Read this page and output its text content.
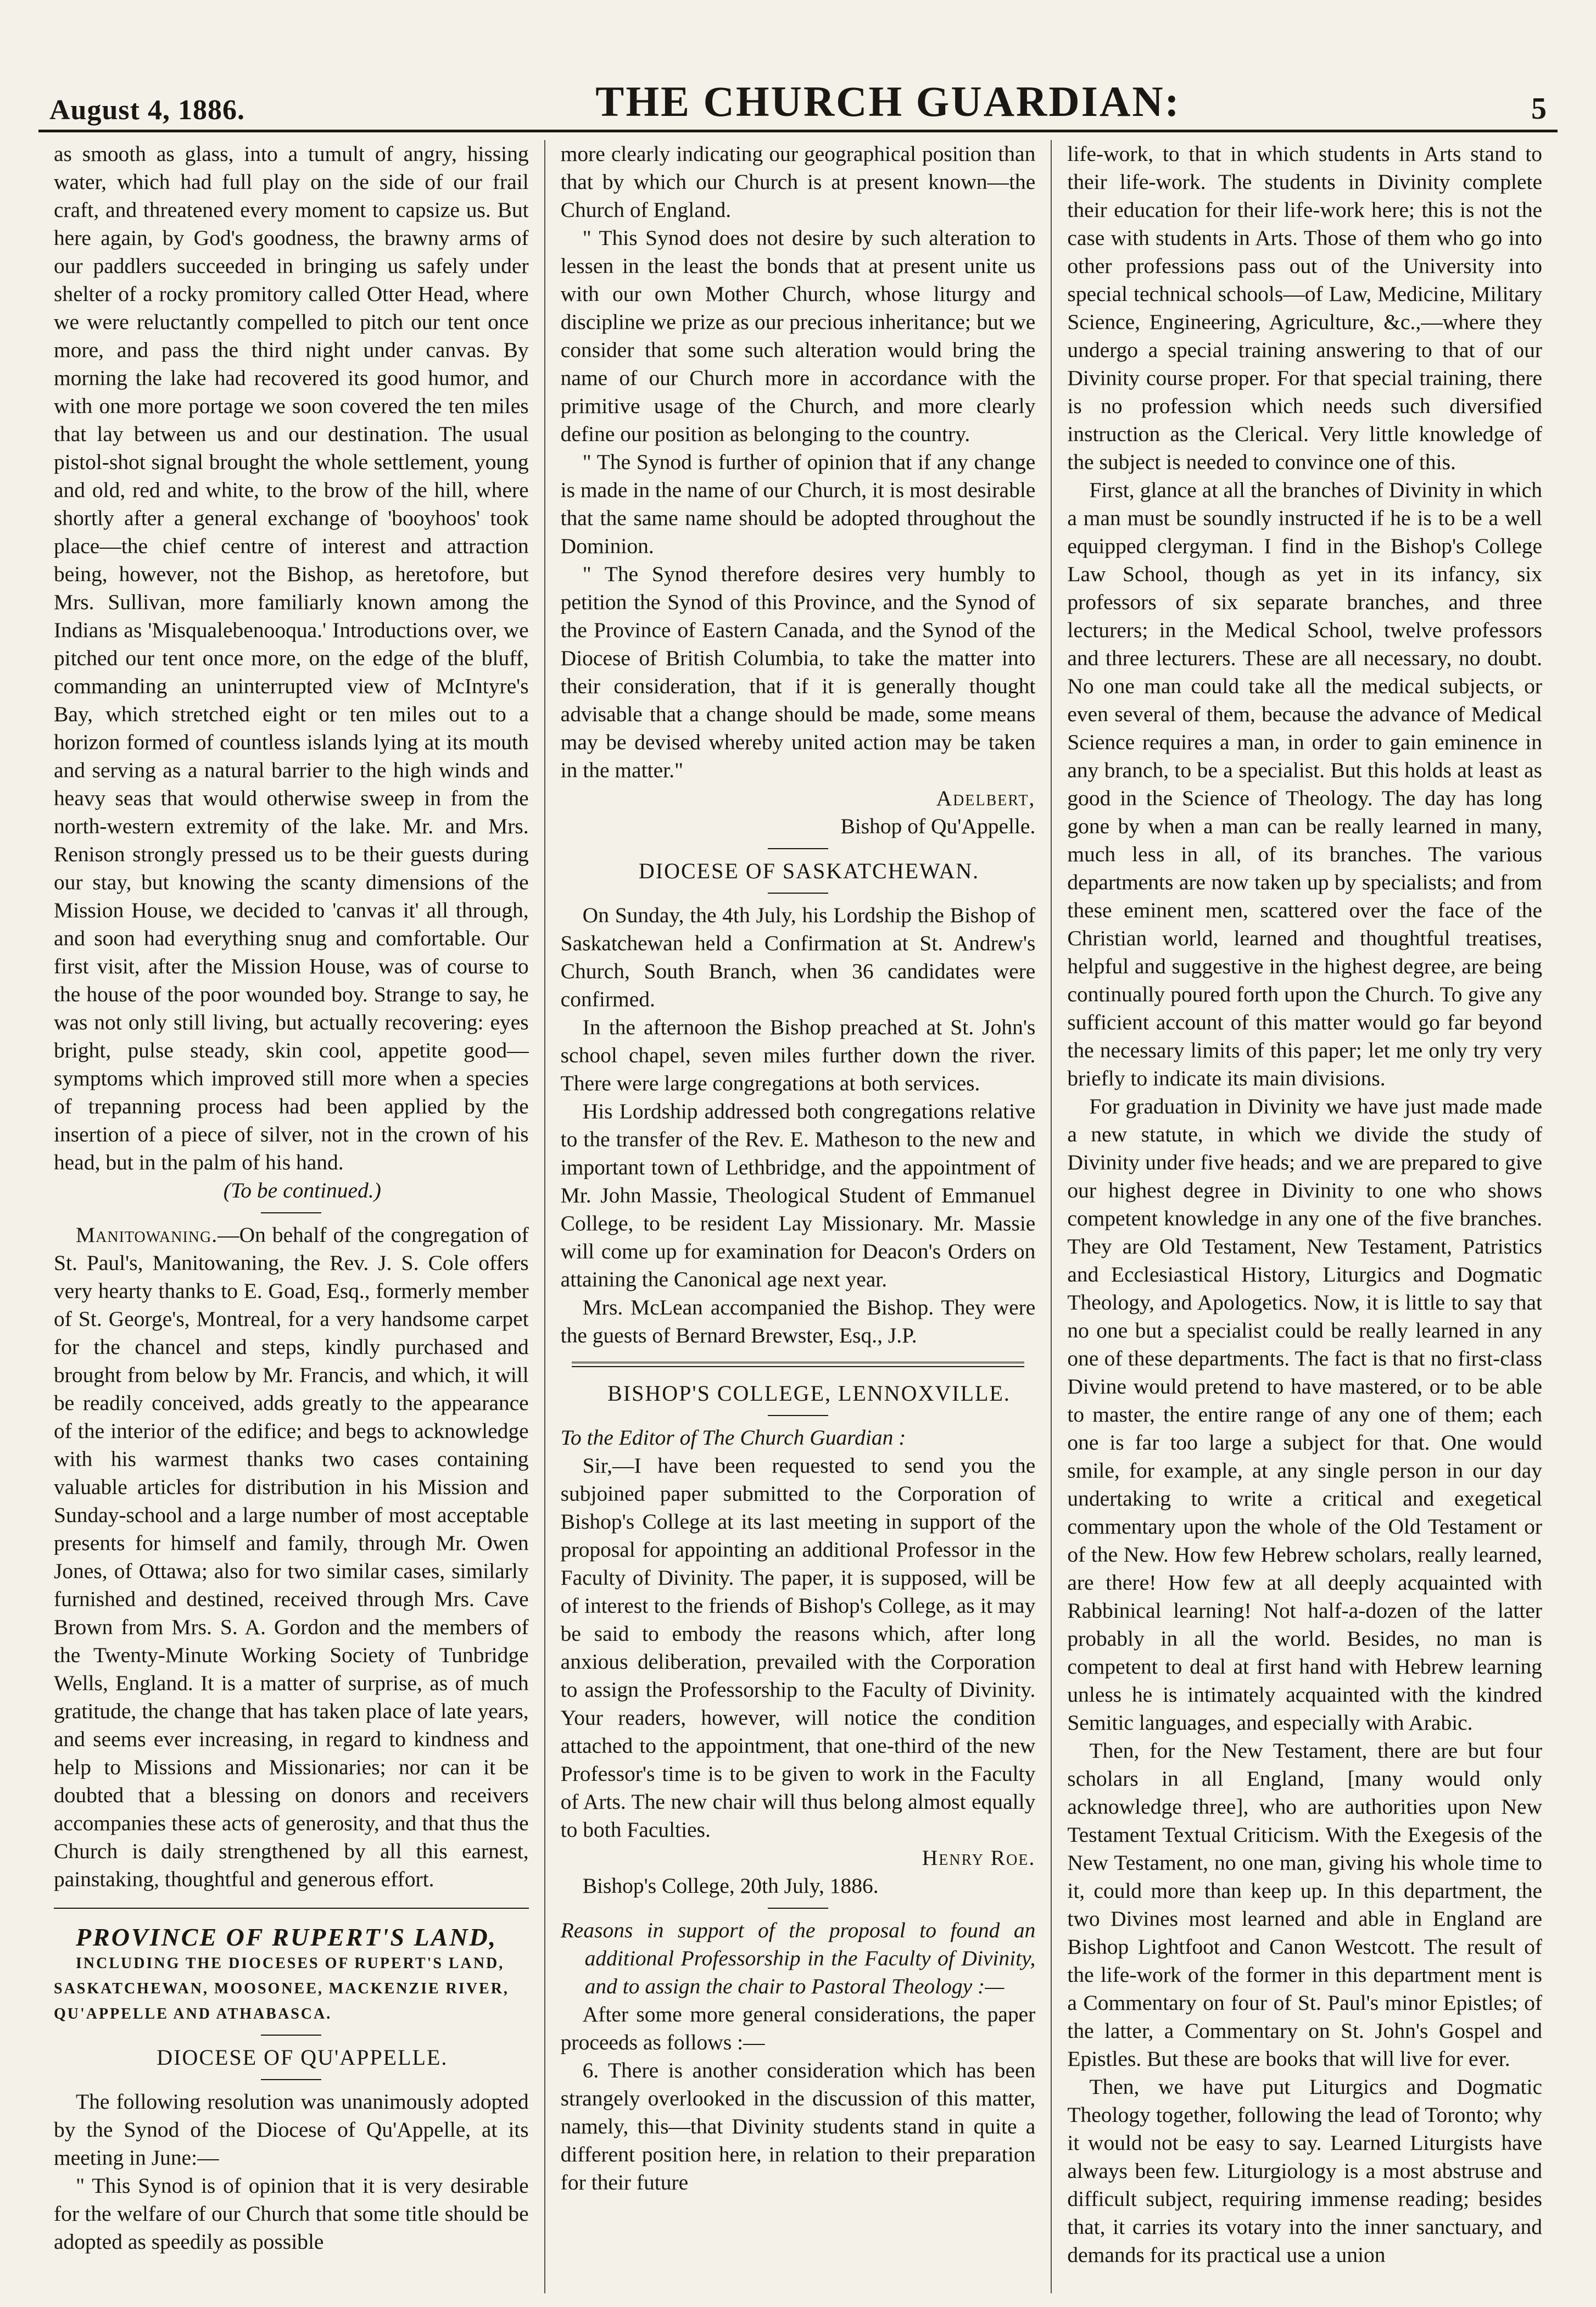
August 4, 1886.	THE CHURCH GUARDIAN:	5

as smooth as glass, into a tumult of angry, hissing water, which had full play on the side of our frail craft, and threatened every moment to capsize us. But here again, by God's goodness, the brawny arms of our paddlers succeeded in bringing us safely under shelter of a rocky promitory called Otter Head, where we were reluctantly compelled to pitch our tent once more, and pass the third night under canvas. By morning the lake had recovered its good humor, and with one more portage we soon covered the ten miles that lay between us and our destination. The usual pistol-shot signal brought the whole settlement, young and old, red and white, to the brow of the hill, where shortly after a general exchange of 'booyhoos' took place—the chief centre of interest and attraction being, however, not the Bishop, as heretofore, but Mrs. Sullivan, more familiarly known among the Indians as 'Misqualebenooqua.' Introductions over, we pitched our tent once more, on the edge of the bluff, commanding an uninterrupted view of McIntyre's Bay, which stretched eight or ten miles out to a horizon formed of countless islands lying at its mouth and serving as a natural barrier to the high winds and heavy seas that would otherwise sweep in from the north-western extremity of the lake. Mr. and Mrs. Renison strongly pressed us to be their guests during our stay, but knowing the scanty dimensions of the Mission House, we decided to 'canvas it' all through, and soon had everything snug and comfortable. Our first visit, after the Mission House, was of course to the house of the poor wounded boy. Strange to say, he was not only still living, but actually recovering: eyes bright, pulse steady, skin cool, appetite good—symptoms which improved still more when a species of trepanning process had been applied by the insertion of a piece of silver, not in the crown of his head, but in the palm of his hand.

(To be continued.)

Manitowaning.—On behalf of the congregation of St. Paul's, Manitowaning, the Rev. J. S. Cole offers very hearty thanks to E. Goad, Esq., formerly member of St. George's, Montreal, for a very handsome carpet for the chancel and steps, kindly purchased and brought from below by Mr. Francis, and which, it will be readily conceived, adds greatly to the appearance of the interior of the edifice; and begs to acknowledge with his warmest thanks two cases containing valuable articles for distribution in his Mission and Sunday-school and a large number of most acceptable presents for himself and family, through Mr. Owen Jones, of Ottawa; also for two similar cases, similarly furnished and destined, received through Mrs. Cave Brown from Mrs. S. A. Gordon and the members of the Twenty-Minute Working Society of Tunbridge Wells, England. It is a matter of surprise, as of much gratitude, the change that has taken place of late years, and seems ever increasing, in regard to kindness and help to Missions and Missionaries; nor can it be doubted that a blessing on donors and receivers accompanies these acts of generosity, and that thus the Church is daily strengthened by all this earnest, painstaking, thoughtful and generous effort.

PROVINCE OF RUPERT'S LAND,

INCLUDING THE DIOCESES OF RUPERT'S LAND, SASKATCHEWAN, MOOSONEE, MACKENZIE RIVER, QU'APPELLE AND ATHABASCA.

DIOCESE OF QU'APPELLE.

The following resolution was unanimously adopted by the Synod of the Diocese of Qu'Appelle, at its meeting in June:—

" This Synod is of opinion that it is very desirable for the welfare of our Church that some title should be adopted as speedily as possible

more clearly indicating our geographical position than that by which our Church is at present known—the Church of England.

" This Synod does not desire by such alteration to lessen in the least the bonds that at present unite us with our own Mother Church, whose liturgy and discipline we prize as our precious inheritance; but we consider that some such alteration would bring the name of our Church more in accordance with the primitive usage of the Church, and more clearly define our position as belonging to the country.

" The Synod is further of opinion that if any change is made in the name of our Church, it is most desirable that the same name should be adopted throughout the Dominion.

" The Synod therefore desires very humbly to petition the Synod of this Province, and the Synod of the Province of Eastern Canada, and the Synod of the Diocese of British Columbia, to take the matter into their consideration, that if it is generally thought advisable that a change should be made, some means may be devised whereby united action may be taken in the matter."

Adelbert,

Bishop of Qu'Appelle.

DIOCESE OF SASKATCHEWAN.

On Sunday, the 4th July, his Lordship the Bishop of Saskatchewan held a Confirmation at St. Andrew's Church, South Branch, when 36 candidates were confirmed.

In the afternoon the Bishop preached at St. John's school chapel, seven miles further down the river. There were large congregations at both services.

His Lordship addressed both congregations relative to the transfer of the Rev. E. Matheson to the new and important town of Lethbridge, and the appointment of Mr. John Massie, Theological Student of Emmanuel College, to be resident Lay Missionary. Mr. Massie will come up for examination for Deacon's Orders on attaining the Canonical age next year.

Mrs. McLean accompanied the Bishop. They were the guests of Bernard Brewster, Esq., J.P.

BISHOP'S COLLEGE, LENNOXVILLE.

To the Editor of The Church Guardian :

Sir,—I have been requested to send you the subjoined paper submitted to the Corporation of Bishop's College at its last meeting in support of the proposal for appointing an additional Professor in the Faculty of Divinity. The paper, it is supposed, will be of interest to the friends of Bishop's College, as it may be said to embody the reasons which, after long anxious deliberation, prevailed with the Corporation to assign the Professorship to the Faculty of Divinity. Your readers, however, will notice the condition attached to the appointment, that one-third of the new Professor's time is to be given to work in the Faculty of Arts. The new chair will thus belong almost equally to both Faculties.

Henry Roe.

Bishop's College, 20th July, 1886.

Reasons in support of the proposal to found an additional Professorship in the Faculty of Divinity, and to assign the chair to Pastoral Theology :—

After some more general considerations, the paper proceeds as follows :—

6. There is another consideration which has been strangely overlooked in the discussion of this matter, namely, this—that Divinity students stand in quite a different position here, in relation to their preparation for their future

life-work, to that in which students in Arts stand to their life-work. The students in Divinity complete their education for their life-work here; this is not the case with students in Arts. Those of them who go into other professions pass out of the University into special technical schools—of Law, Medicine, Military Science, Engineering, Agriculture, &c.,—where they undergo a special training answering to that of our Divinity course proper. For that special training, there is no profession which needs such diversified instruction as the Clerical. Very little knowledge of the subject is needed to convince one of this.

First, glance at all the branches of Divinity in which a man must be soundly instructed if he is to be a well equipped clergyman. I find in the Bishop's College Law School, though as yet in its infancy, six professors of six separate branches, and three lecturers; in the Medical School, twelve professors and three lecturers. These are all necessary, no doubt. No one man could take all the medical subjects, or even several of them, because the advance of Medical Science requires a man, in order to gain eminence in any branch, to be a specialist. But this holds at least as good in the Science of Theology. The day has long gone by when a man can be really learned in many, much less in all, of its branches. The various departments are now taken up by specialists; and from these eminent men, scattered over the face of the Christian world, learned and thoughtful treatises, helpful and suggestive in the highest degree, are being continually poured forth upon the Church. To give any sufficient account of this matter would go far beyond the necessary limits of this paper; let me only try very briefly to indicate its main divisions.

For graduation in Divinity we have just made made a new statute, in which we divide the study of Divinity under five heads; and we are prepared to give our highest degree in Divinity to one who shows competent knowledge in any one of the five branches. They are Old Testament, New Testament, Patristics and Ecclesiastical History, Liturgics and Dogmatic Theology, and Apologetics. Now, it is little to say that no one but a specialist could be really learned in any one of these departments. The fact is that no first-class Divine would pretend to have mastered, or to be able to master, the entire range of any one of them; each one is far too large a subject for that. One would smile, for example, at any single person in our day undertaking to write a critical and exegetical commentary upon the whole of the Old Testament or of the New. How few Hebrew scholars, really learned, are there! How few at all deeply acquainted with Rabbinical learning! Not half-a-dozen of the latter probably in all the world. Besides, no man is competent to deal at first hand with Hebrew learning unless he is intimately acquainted with the kindred Semitic languages, and especially with Arabic.

Then, for the New Testament, there are but four scholars in all England, [many would only acknowledge three], who are authorities upon New Testament Textual Criticism. With the Exegesis of the New Testament, no one man, giving his whole time to it, could more than keep up. In this department, the two Divines most learned and able in England are Bishop Lightfoot and Canon Westcott. The result of the life-work of the former in this department ment is a Commentary on four of St. Paul's minor Epistles; of the latter, a Commentary on St. John's Gospel and Epistles. But these are books that will live for ever.

Then, we have put Liturgics and Dogmatic Theology together, following the lead of Toronto; why it would not be easy to say. Learned Liturgists have always been few. Liturgiology is a most abstruse and difficult subject, requiring immense reading; besides that, it carries its votary into the inner sanctuary, and demands for its practical use a union
